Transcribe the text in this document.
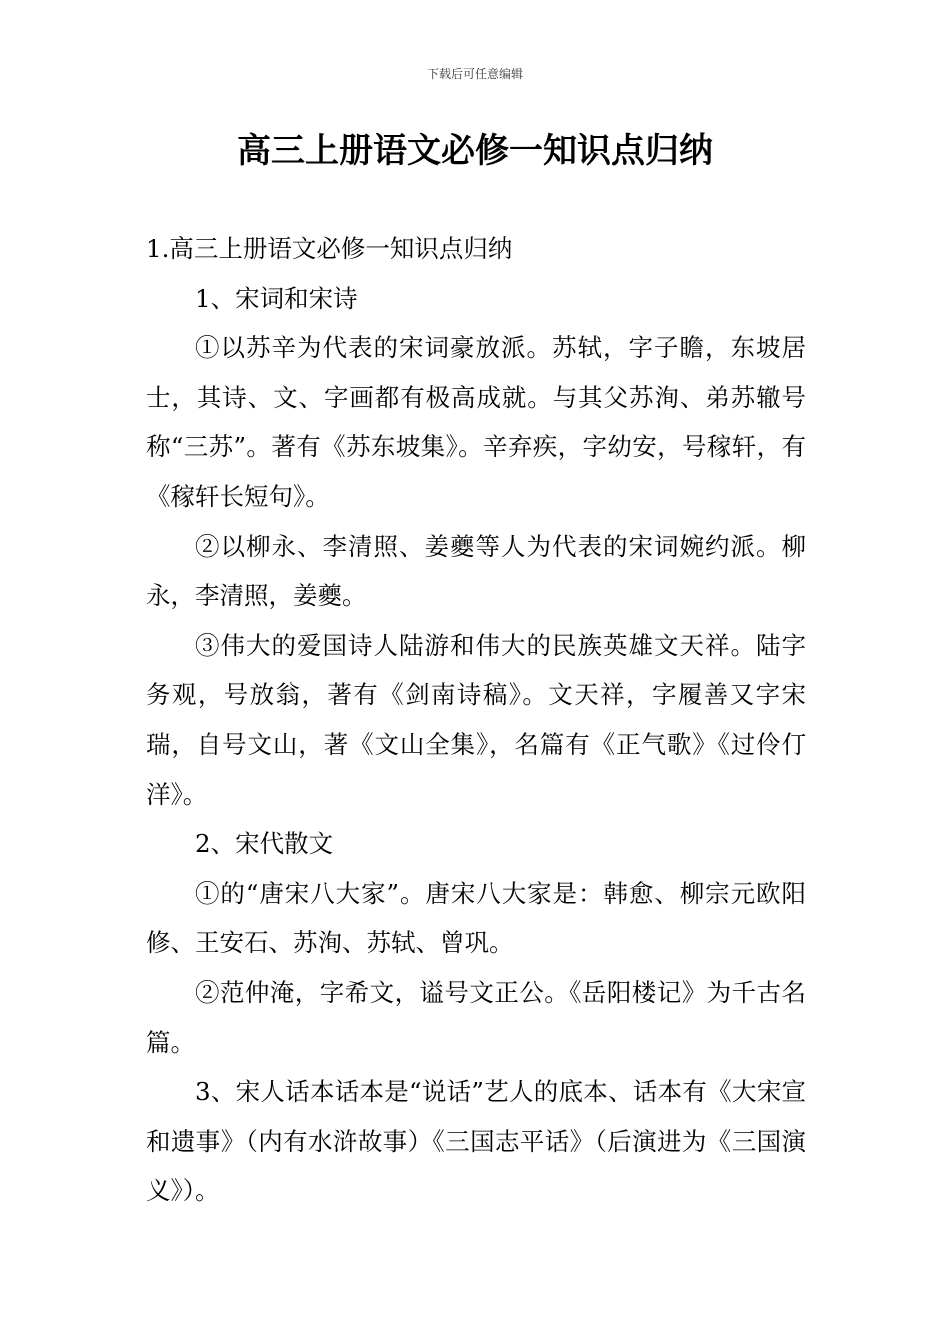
下载后可任意编辑
高三上册语文必修一知识点归纳

1.高三上册语文必修一知识点归纳

1、宋词和宋诗

①以苏辛为代表的宋词豪放派。苏轼，字子瞻，东坡居士，其诗、文、字画都有极高成就。与其父苏洵、弟苏辙号称“三苏”。著有《苏东坡集》。辛弃疾，字幼安，号稼轩，有《稼轩长短句》。

②以柳永、李清照、姜夔等人为代表的宋词婉约派。柳永，李清照，姜夔。

③伟大的爱国诗人陆游和伟大的民族英雄文天祥。陆字务观，号放翁，著有《剑南诗稿》。文天祥，字履善又字宋瑞，自号文山，著《文山全集》，名篇有《正气歌》《过伶仃洋》。

2、宋代散文

①的“唐宋八大家”。唐宋八大家是：韩愈、柳宗元欧阳修、王安石、苏洵、苏轼、曾巩。

②范仲淹，字希文，谥号文正公。《岳阳楼记》为千古名篇。

3、宋人话本话本是“说话”艺人的底本、话本有《大宋宣和遗事》（内有水浒故事）《三国志平话》（后演进为《三国演义》）。
